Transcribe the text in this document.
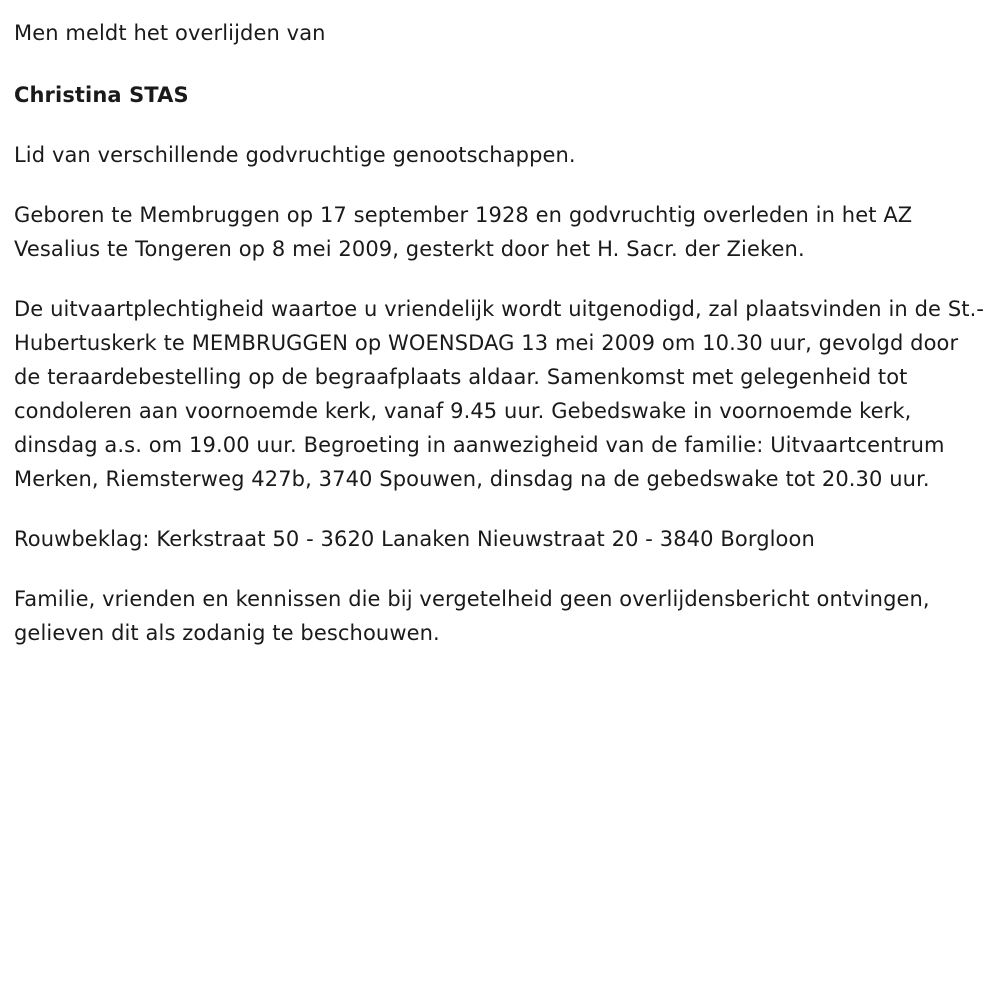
Men meldt het overlijden van

Christina STAS

Lid van verschillende godvruchtige genootschappen.

Geboren te Membruggen op 17 september 1928 en godvruchtig overleden in het AZ Vesalius te Tongeren op 8 mei 2009, gesterkt door het H. Sacr. der Zieken.

De uitvaartplechtigheid waartoe u vriendelijk wordt uitgenodigd, zal plaatsvinden in de St.-Hubertuskerk te MEMBRUGGEN op WOENSDAG 13 mei 2009 om 10.30 uur, gevolgd door de teraardebestelling op de begraafplaats aldaar. Samenkomst met gelegenheid tot condoleren aan voornoemde kerk, vanaf 9.45 uur. Gebedswake in voornoemde kerk, dinsdag a.s. om 19.00 uur. Begroeting in aanwezigheid van de familie: Uitvaartcentrum Merken, Riemsterweg 427b, 3740 Spouwen, dinsdag na de gebedswake tot 20.30 uur.

Rouwbeklag: Kerkstraat 50 - 3620 Lanaken Nieuwstraat 20 - 3840 Borgloon

Familie, vrienden en kennissen die bij vergetelheid geen overlijdensbericht ontvingen, gelieven dit als zodanig te beschouwen.
